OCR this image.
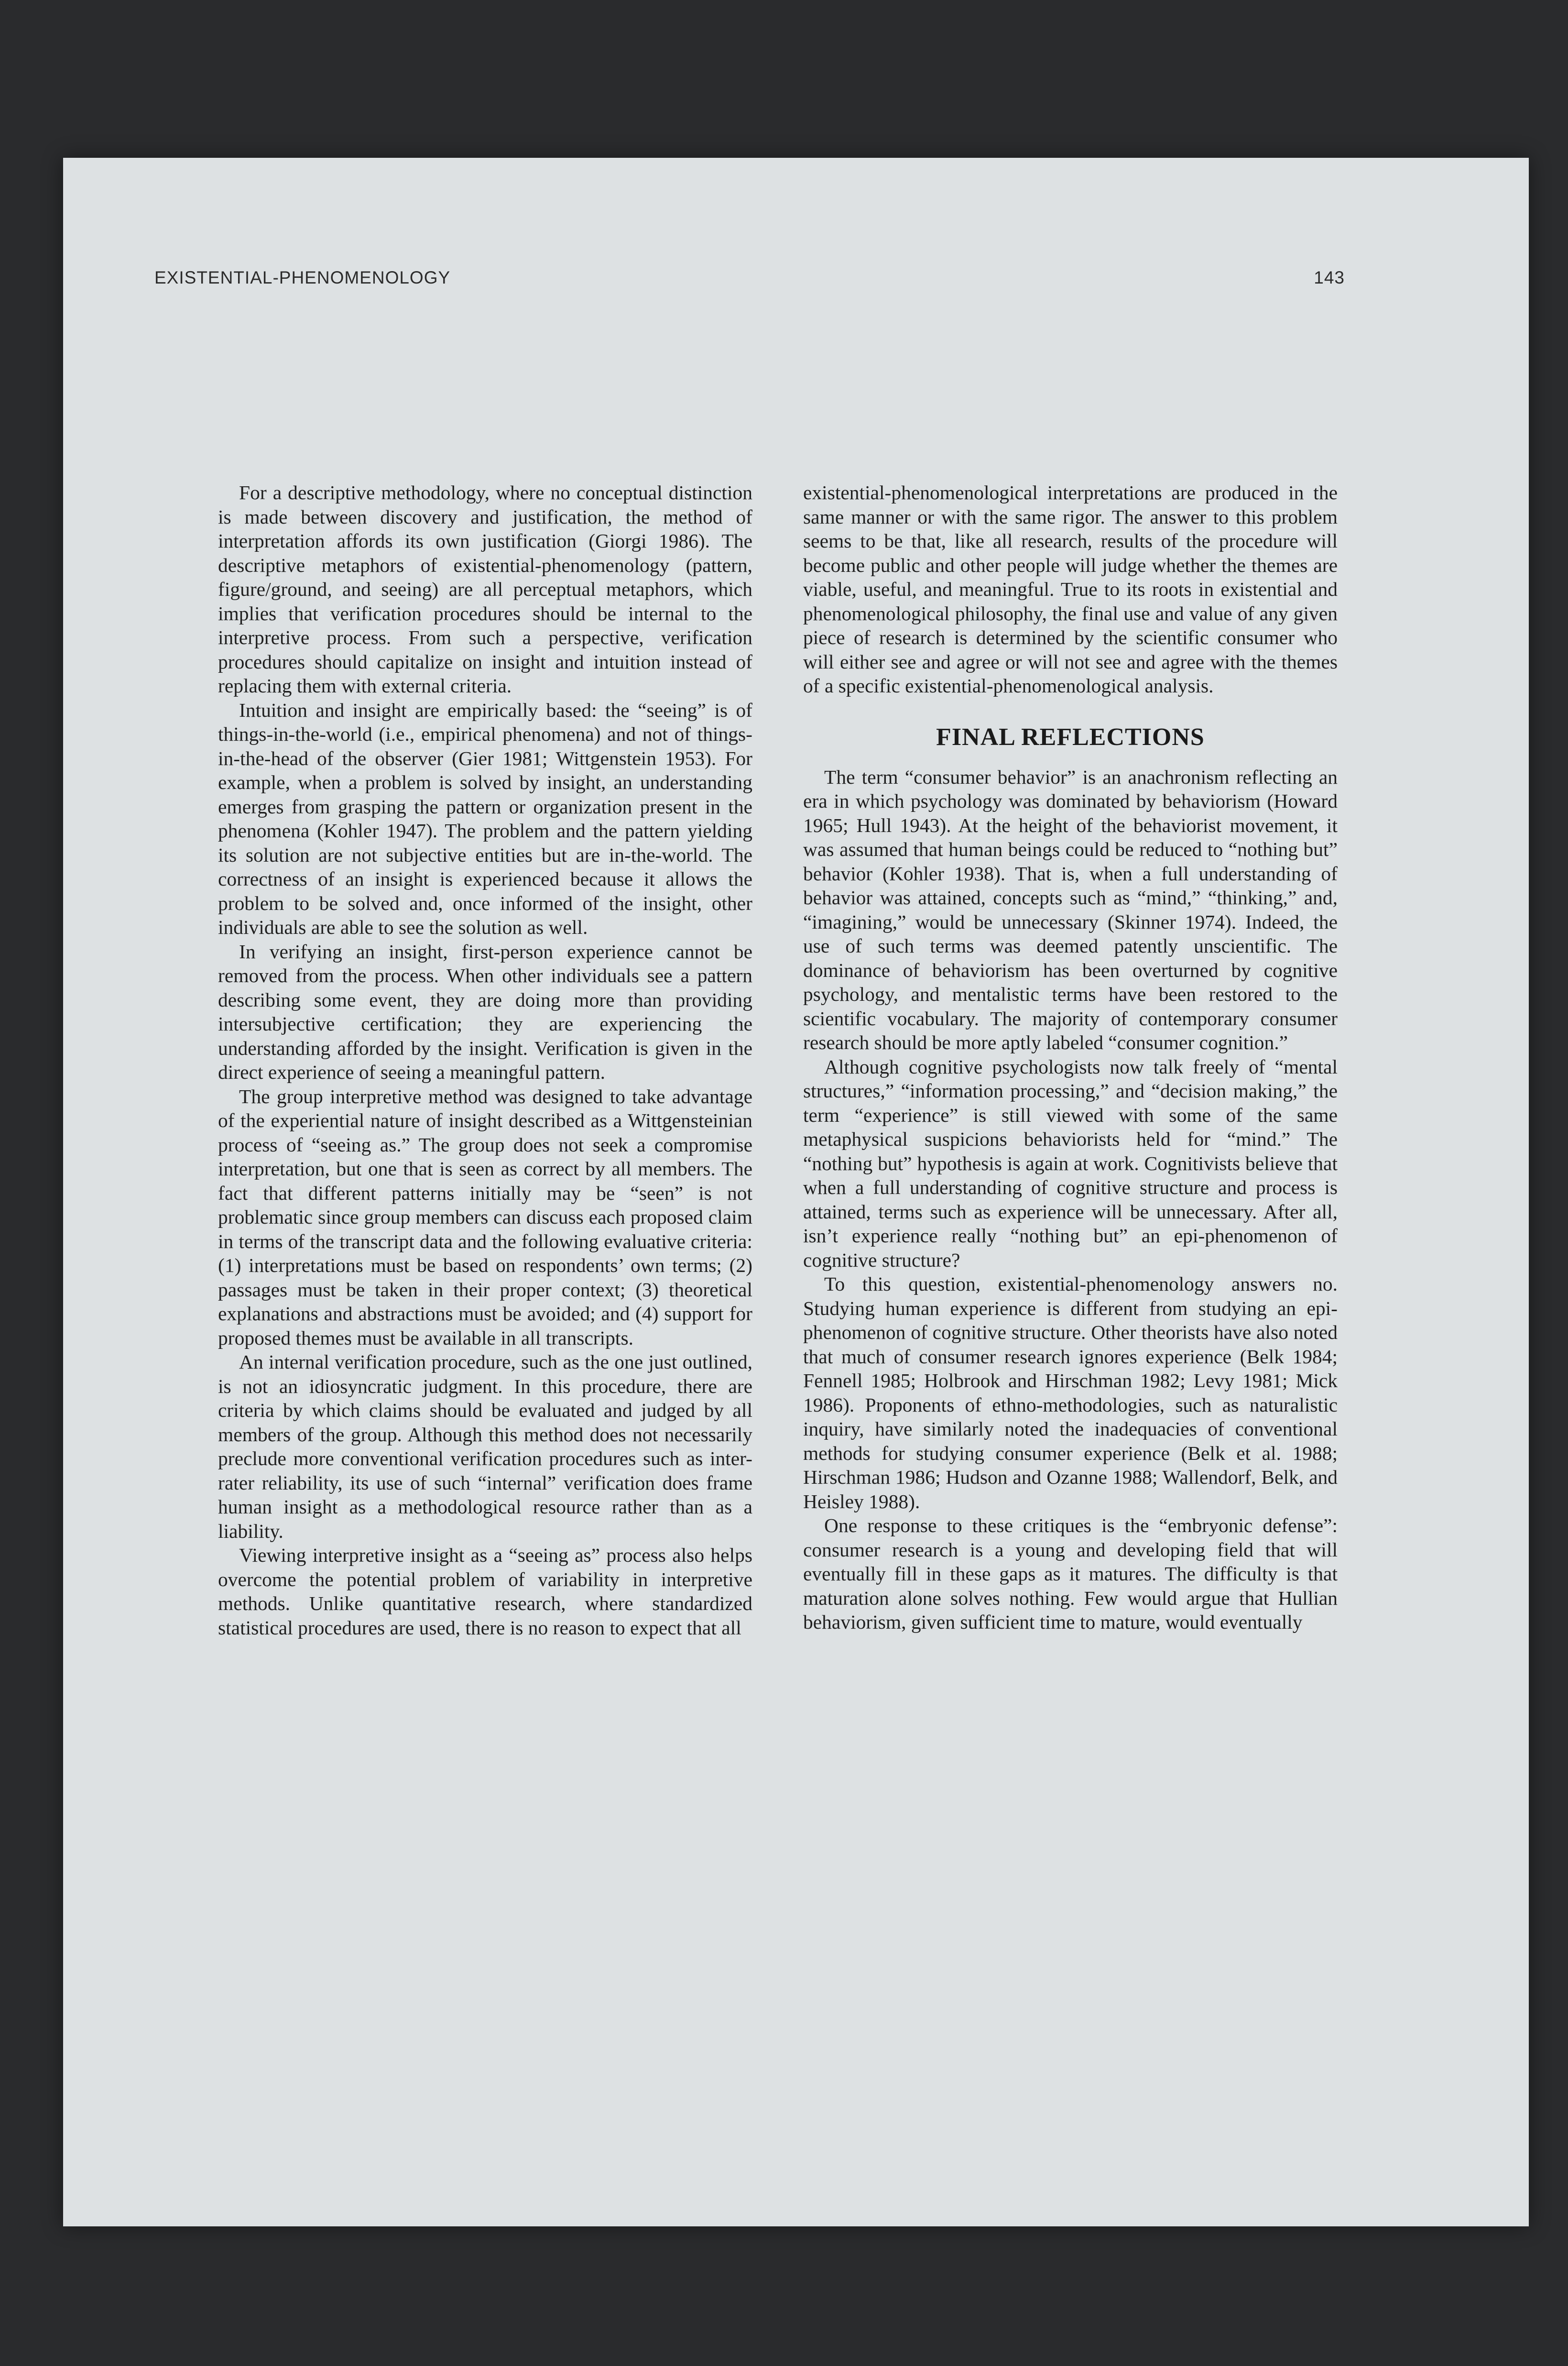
EXISTENTIAL-PHENOMENOLOGY	143

For a descriptive methodology, where no conceptual distinction is made between discovery and justification, the method of interpretation affords its own justification (Giorgi 1986). The descriptive metaphors of existential-phenomenology (pattern, figure/ground, and seeing) are all perceptual metaphors, which implies that verification procedures should be internal to the interpretive process. From such a perspective, verification procedures should capitalize on insight and intuition instead of replacing them with external criteria.

Intuition and insight are empirically based: the “seeing” is of things-in-the-world (i.e., empirical phenomena) and not of things-in-the-head of the observer (Gier 1981; Wittgenstein 1953). For example, when a problem is solved by insight, an understanding emerges from grasping the pattern or organization present in the phenomena (Kohler 1947). The problem and the pattern yielding its solution are not subjective entities but are in-the-world. The correctness of an insight is experienced because it allows the problem to be solved and, once informed of the insight, other individuals are able to see the solution as well.

In verifying an insight, first-person experience cannot be removed from the process. When other individuals see a pattern describing some event, they are doing more than providing intersubjective certification; they are experiencing the understanding afforded by the insight. Verification is given in the direct experience of seeing a meaningful pattern.

The group interpretive method was designed to take advantage of the experiential nature of insight described as a Wittgensteinian process of “seeing as.” The group does not seek a compromise interpretation, but one that is seen as correct by all members. The fact that different patterns initially may be “seen” is not problematic since group members can discuss each proposed claim in terms of the transcript data and the following evaluative criteria: (1) interpretations must be based on respondents’ own terms; (2) passages must be taken in their proper context; (3) theoretical explanations and abstractions must be avoided; and (4) support for proposed themes must be available in all transcripts.

An internal verification procedure, such as the one just outlined, is not an idiosyncratic judgment. In this procedure, there are criteria by which claims should be evaluated and judged by all members of the group. Although this method does not necessarily preclude more conventional verification procedures such as inter-rater reliability, its use of such “internal” verification does frame human insight as a methodological resource rather than as a liability.

Viewing interpretive insight as a “seeing as” process also helps overcome the potential problem of variability in interpretive methods. Unlike quantitative research, where standardized statistical procedures are used, there is no reason to expect that all

existential-phenomenological interpretations are produced in the same manner or with the same rigor. The answer to this problem seems to be that, like all research, results of the procedure will become public and other people will judge whether the themes are viable, useful, and meaningful. True to its roots in existential and phenomenological philosophy, the final use and value of any given piece of research is determined by the scientific consumer who will either see and agree or will not see and agree with the themes of a specific existential-phenomenological analysis.

FINAL REFLECTIONS

The term “consumer behavior” is an anachronism reflecting an era in which psychology was dominated by behaviorism (Howard 1965; Hull 1943). At the height of the behaviorist movement, it was assumed that human beings could be reduced to “nothing but” behavior (Kohler 1938). That is, when a full understanding of behavior was attained, concepts such as “mind,” “thinking,” and, “imagining,” would be unnecessary (Skinner 1974). Indeed, the use of such terms was deemed patently unscientific. The dominance of behaviorism has been overturned by cognitive psychology, and mentalistic terms have been restored to the scientific vocabulary. The majority of contemporary consumer research should be more aptly labeled “consumer cognition.”

Although cognitive psychologists now talk freely of “mental structures,” “information processing,” and “decision making,” the term “experience” is still viewed with some of the same metaphysical suspicions behaviorists held for “mind.” The “nothing but” hypothesis is again at work. Cognitivists believe that when a full understanding of cognitive structure and process is attained, terms such as experience will be unnecessary. After all, isn’t experience really “nothing but” an epi-phenomenon of cognitive structure?

To this question, existential-phenomenology answers no. Studying human experience is different from studying an epi-phenomenon of cognitive structure. Other theorists have also noted that much of consumer research ignores experience (Belk 1984; Fennell 1985; Holbrook and Hirschman 1982; Levy 1981; Mick 1986). Proponents of ethno-methodologies, such as naturalistic inquiry, have similarly noted the inadequacies of conventional methods for studying consumer experience (Belk et al. 1988; Hirschman 1986; Hudson and Ozanne 1988; Wallendorf, Belk, and Heisley 1988).

One response to these critiques is the “embryonic defense”: consumer research is a young and developing field that will eventually fill in these gaps as it matures. The difficulty is that maturation alone solves nothing. Few would argue that Hullian behaviorism, given sufficient time to mature, would eventually
